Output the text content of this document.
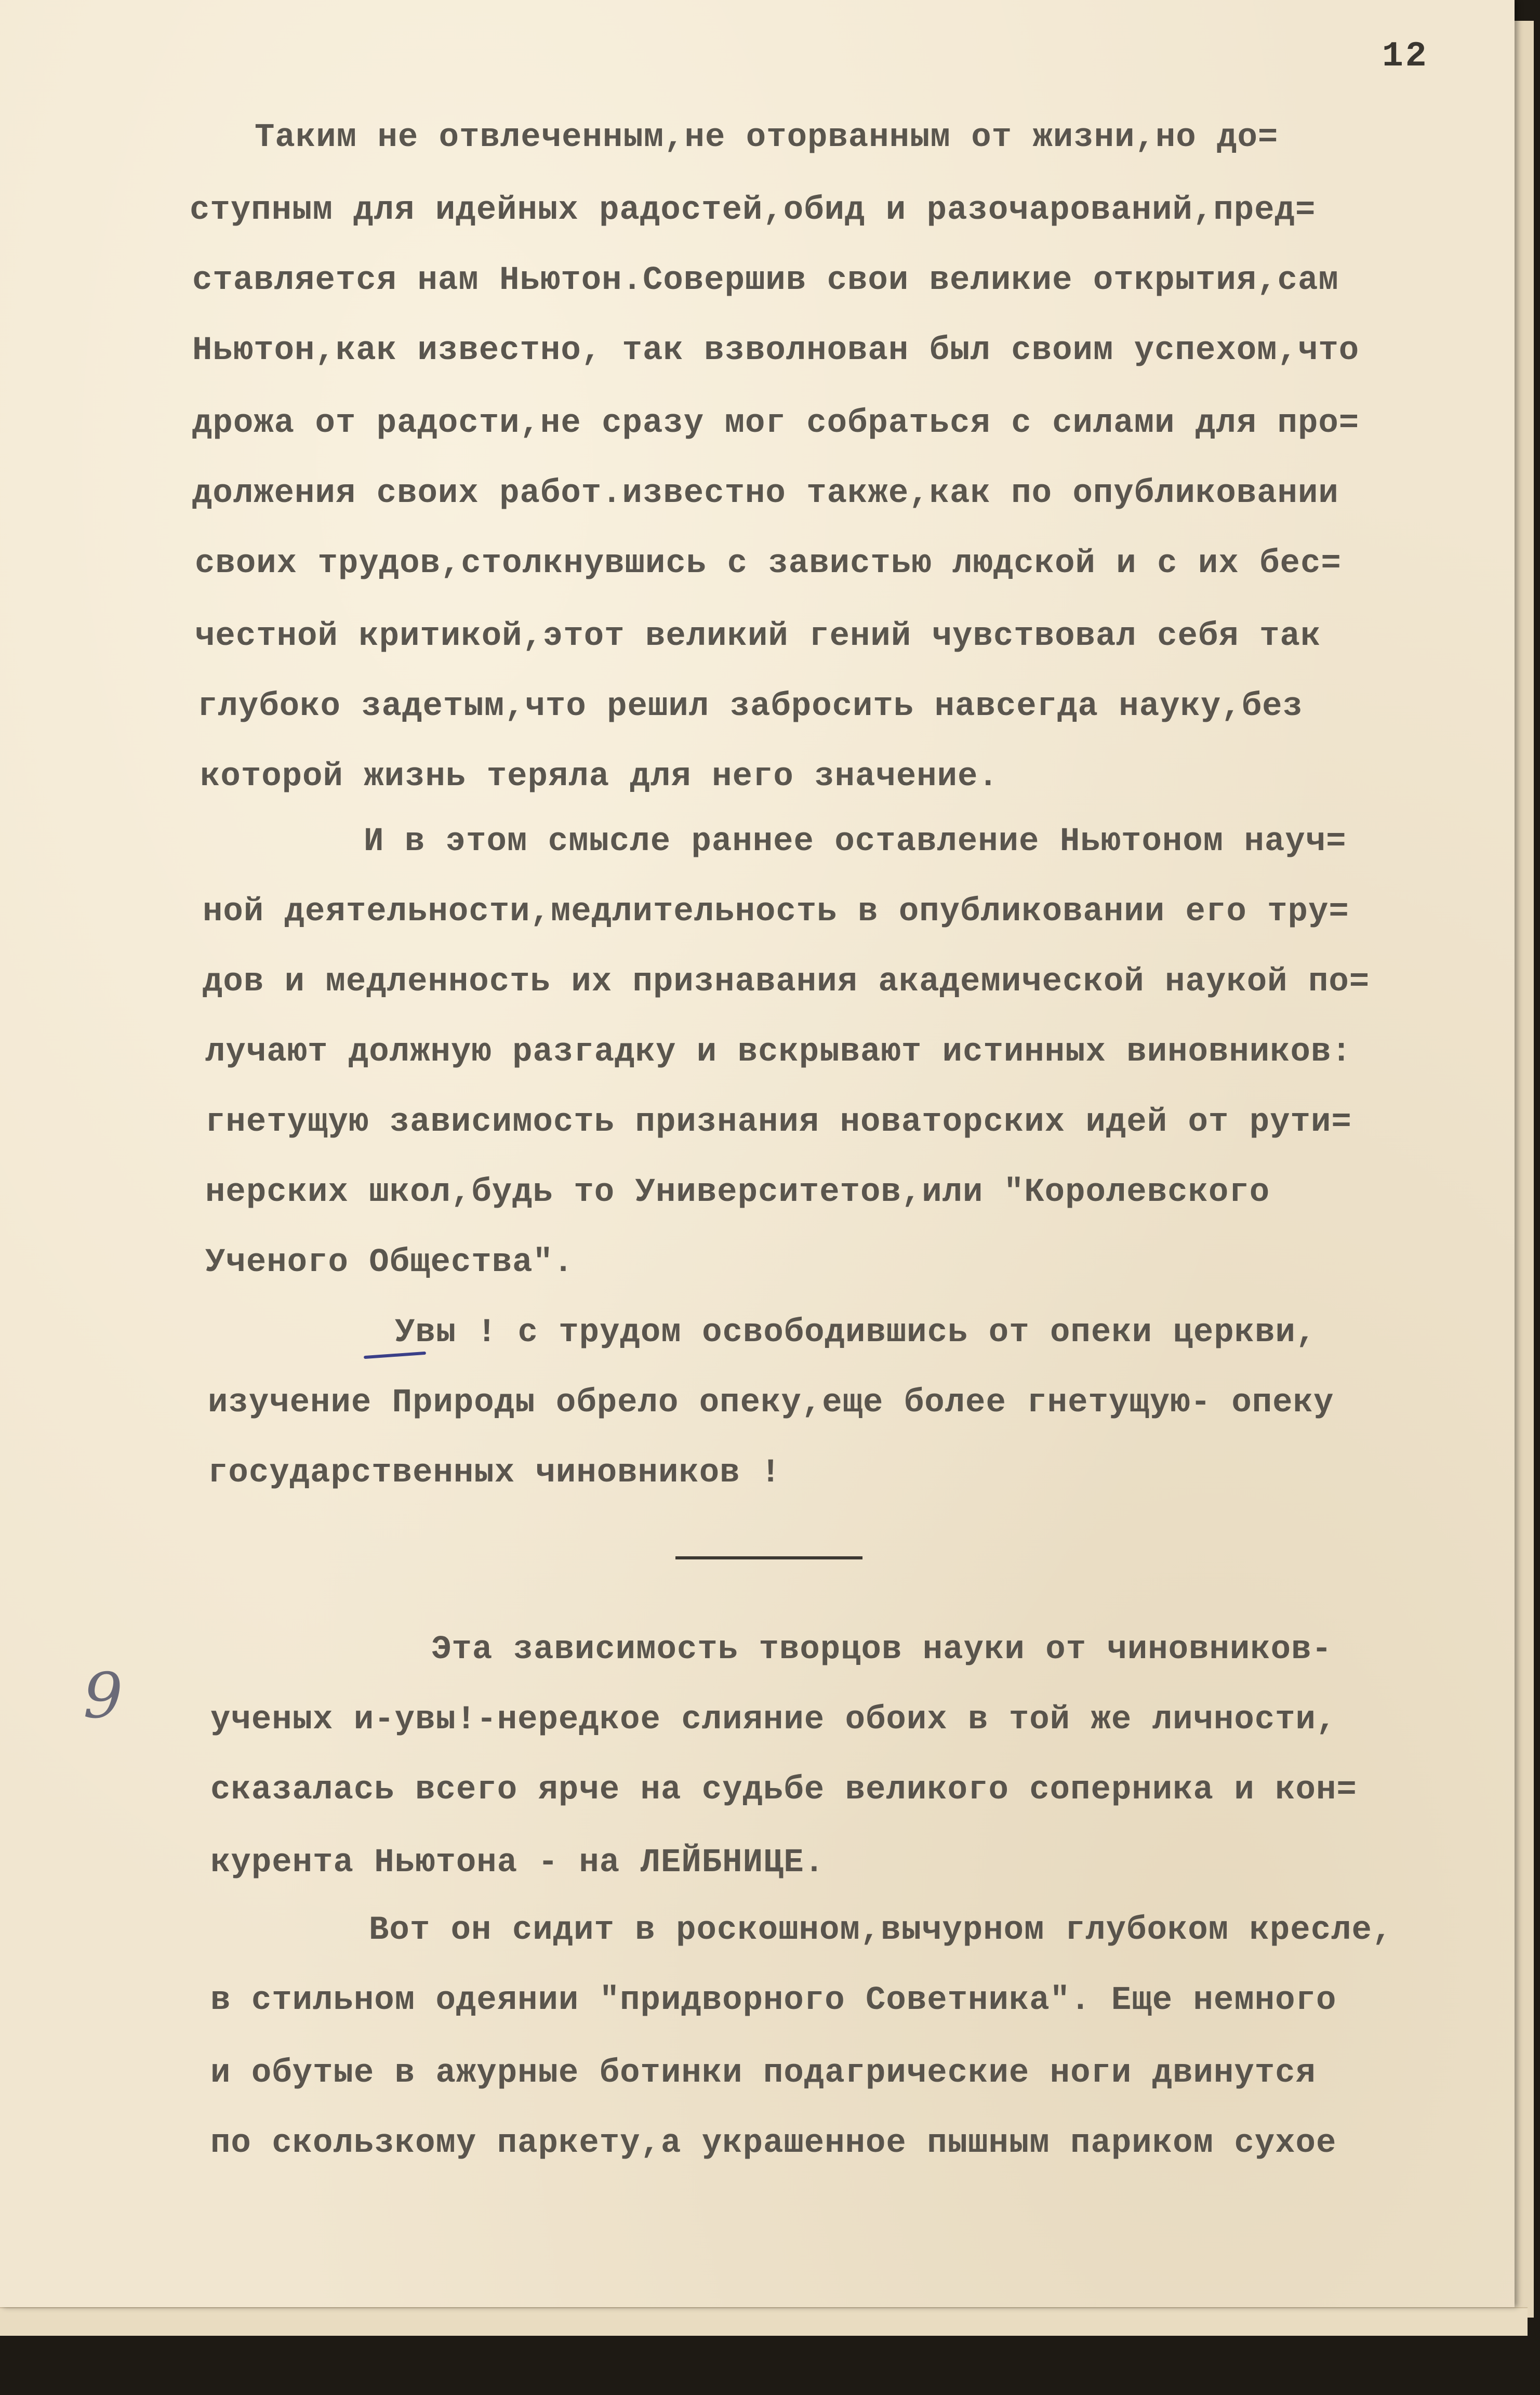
12
Таким не отвлеченным,не оторванным от жизни,но до=
ступным для идейных радостей,обид и разочарований,пред=
ставляется нам Ньютон.Совершив свои великие открытия,сам
Ньютон,как известно, так взволнован был своим успехом,что
дрожа от радости,не сразу мог собраться с силами для про=
должения своих работ.известно также,как по опубликовании
своих трудов,столкнувшись с завистью людской и с их бес=
честной критикой,этот великий гений чувствовал себя так
глубоко задетым,что решил забросить навсегда науку,без
которой жизнь теряла для него значение.
И в этом смысле раннее оставление Ньютоном науч=
ной деятельности,медлительность в опубликовании его тру=
дов и медленность их признавания академической наукой по=
лучают должную разгадку и вскрывают истинных виновников:
гнетущую зависимость признания новаторских идей от рути=
нерских школ,будь то Университетов,или "Королевского
Ученого Общества".
Увы ! с трудом освободившись от опеки церкви,
изучение Природы обрело опеку,еще более гнетущую- опеку
государственных чиновников !
9
Эта зависимость творцов науки от чиновников-
ученых и-увы!-нередкое слияние обоих в той же личности,
сказалась всего ярче на судьбе великого соперника и кон=
курента Ньютона - на ЛЕЙБНИЦЕ.
Вот он сидит в роскошном,вычурном глубоком кресле,
в стильном одеянии "придворного Советника". Еще немного
и обутые в ажурные ботинки подагрические ноги двинутся
по скользкому паркету,а украшенное пышным париком сухое
